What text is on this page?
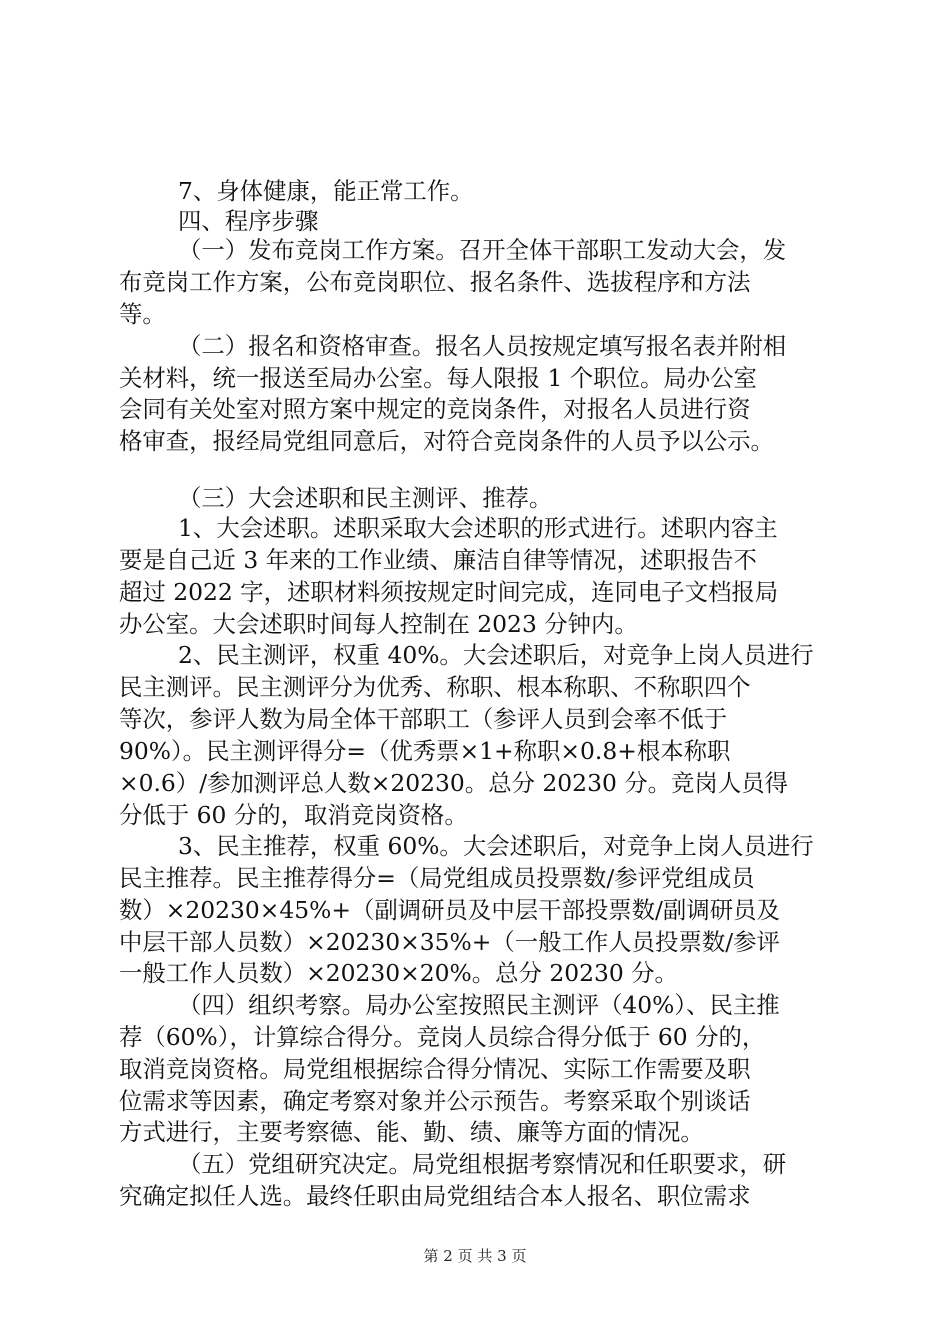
7、身体健康，能正常工作。
四、程序步骤
（一）发布竞岗工作方案。召开全体干部职工发动大会，发
布竞岗工作方案，公布竞岗职位、报名条件、选拔程序和方法
等。
（二）报名和资格审查。报名人员按规定填写报名表并附相
关材料，统一报送至局办公室。每人限报 1 个职位。局办公室
会同有关处室对照方案中规定的竞岗条件，对报名人员进行资
格审查，报经局党组同意后，对符合竞岗条件的人员予以公示。
（三）大会述职和民主测评、推荐。
1、大会述职。述职采取大会述职的形式进行。述职内容主
要是自己近 3 年来的工作业绩、廉洁自律等情况，述职报告不
超过 2022 字，述职材料须按规定时间完成，连同电子文档报局
办公室。大会述职时间每人控制在 2023 分钟内。
2、民主测评，权重 40%。大会述职后，对竞争上岗人员进行
民主测评。民主测评分为优秀、称职、根本称职、不称职四个
等次，参评人数为局全体干部职工（参评人员到会率不低于
90%）。民主测评得分=（优秀票×1+称职×0.8+根本称职
×0.6）/参加测评总人数×20230。总分 20230 分。竞岗人员得
分低于 60 分的，取消竞岗资格。
3、民主推荐，权重 60%。大会述职后，对竞争上岗人员进行
民主推荐。民主推荐得分=（局党组成员投票数/参评党组成员
数）×20230×45%+（副调研员及中层干部投票数/副调研员及
中层干部人员数）×20230×35%+（一般工作人员投票数/参评
一般工作人员数）×20230×20%。总分 20230 分。
（四）组织考察。局办公室按照民主测评（40%）、民主推
荐（60%），计算综合得分。竞岗人员综合得分低于 60 分的，
取消竞岗资格。局党组根据综合得分情况、实际工作需要及职
位需求等因素，确定考察对象并公示预告。考察采取个别谈话
方式进行，主要考察德、能、勤、绩、廉等方面的情况。
（五）党组研究决定。局党组根据考察情况和任职要求，研
究确定拟任人选。最终任职由局党组结合本人报名、职位需求
第 2 页 共 3 页
